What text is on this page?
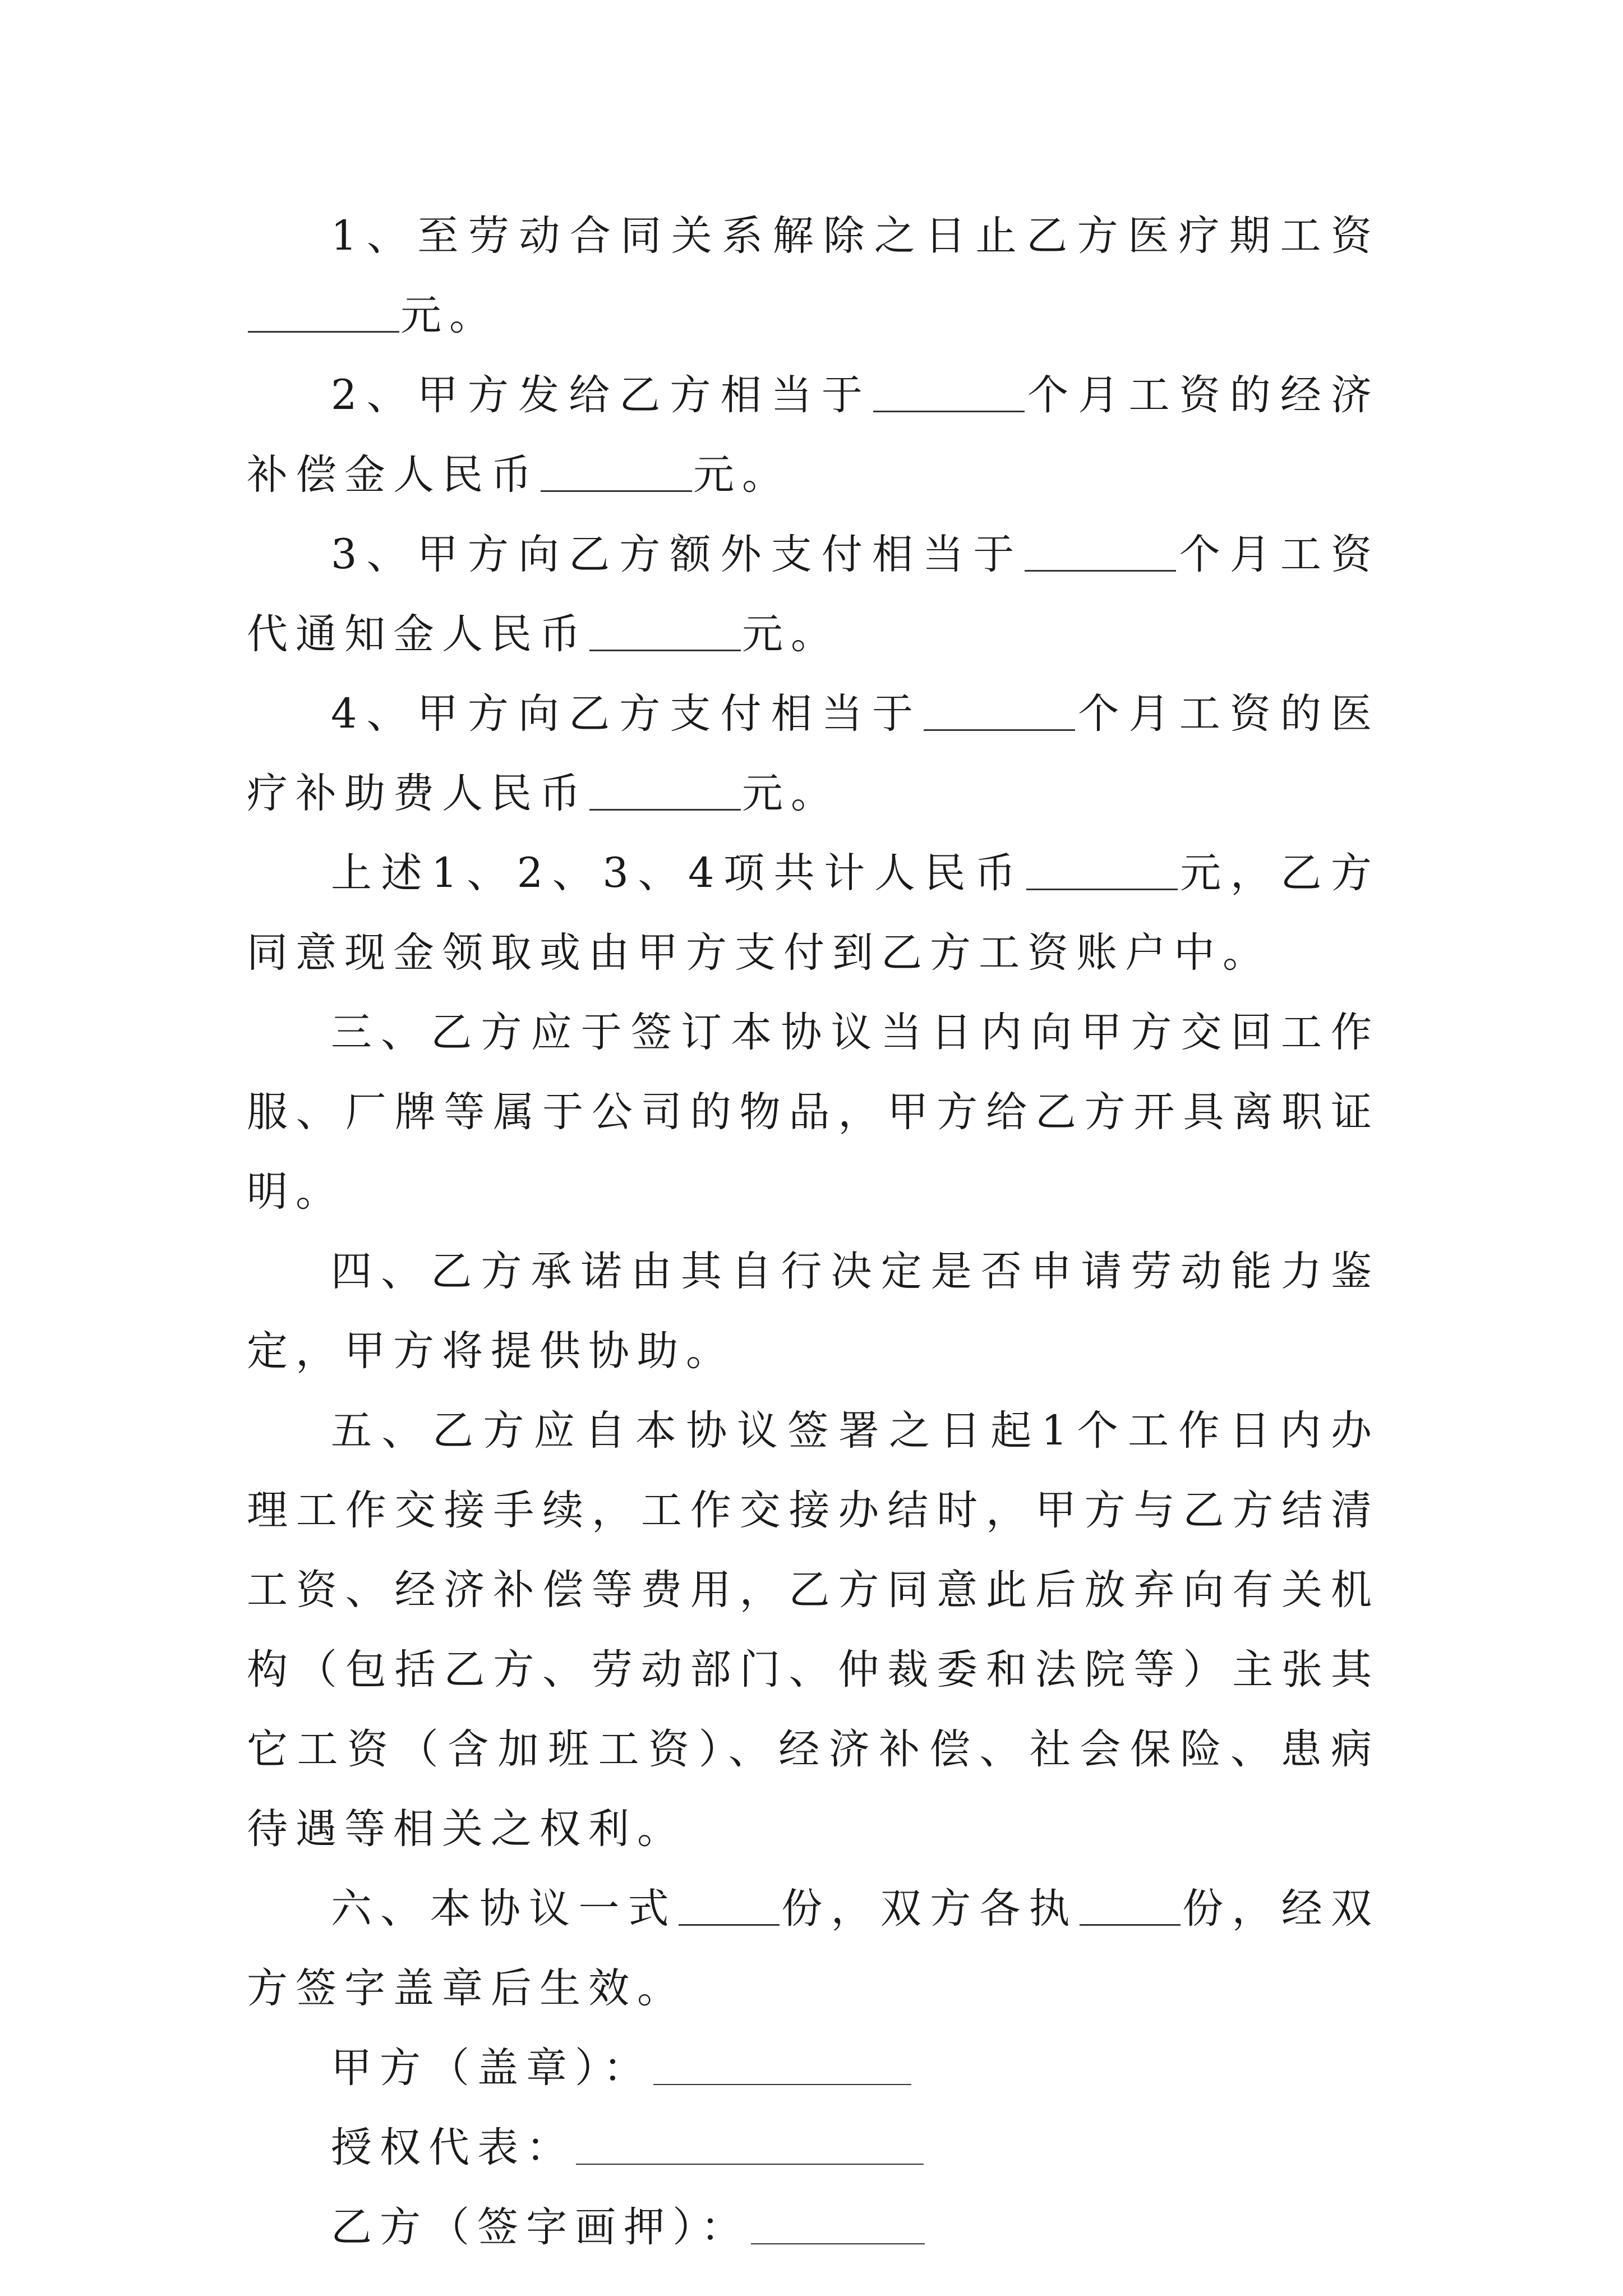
1、至劳动合同关系解除之日止乙方医疗期工资元。

2、甲方发给乙方相当于	个月工资的经济补偿金人民币	元。

3、甲方向乙方额外支付相当于	个月工资代通知金人民币	元。

4、甲方向乙方支付相当于	个月工资的医疗补助费人民币	元。

上述1、2、3、4项共计人民币	元，乙方同意现金领取或由甲方支付到乙方工资账户中。

三、乙方应于签订本协议当日内向甲方交回工作服、厂牌等属于公司的物品，甲方给乙方开具离职证明。

四、乙方承诺由其自行决定是否申请劳动能力鉴定，甲方将提供协助。

五、乙方应自本协议签署之日起1个工作日内办理工作交接手续，工作交接办结时，甲方与乙方结清工资、经济补偿等费用，乙方同意此后放弃向有关机构（包括乙方、劳动部门、仲裁委和法院等）主张其它工资（含加班工资）、经济补偿、社会保险、患病待遇等相关之权利。

六、本协议一式	份，双方各执	份，经双方签字盖章后生效。

甲方（盖章）：

授权代表：

乙方（签字画押）：
